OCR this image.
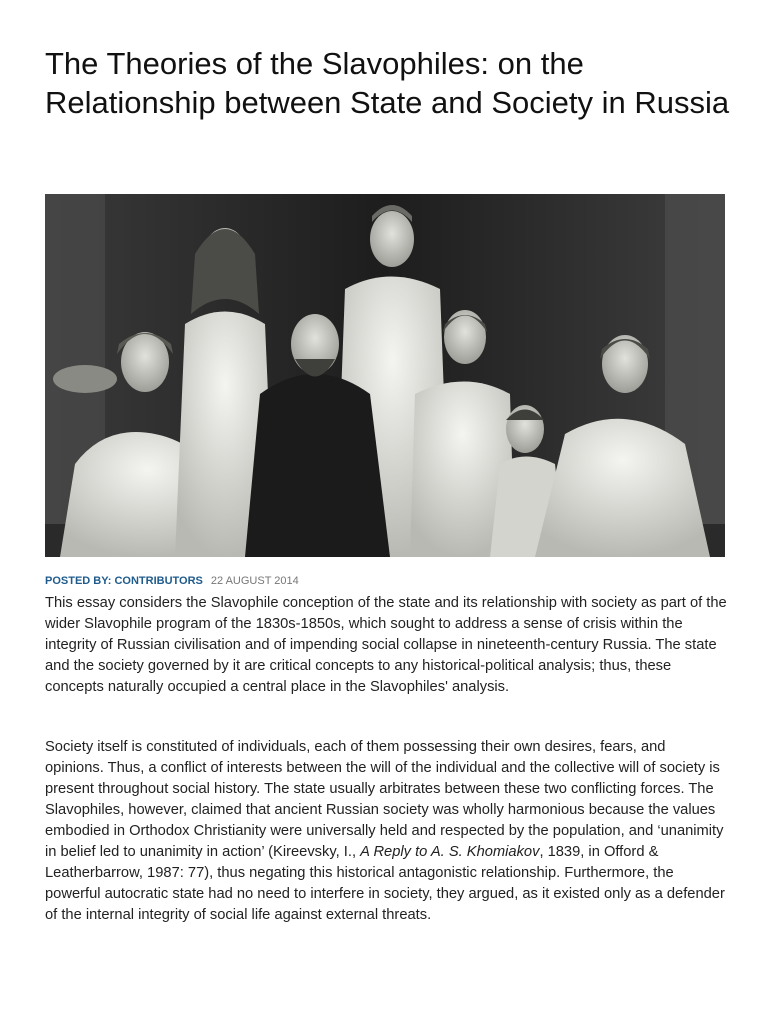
The Theories of the Slavophiles: on the Relationship between State and Society in Russia
POSTED BY: CONTRIBUTORS 22 AUGUST 2014

This essay considers the Slavophile conception of the state and its relationship with society as part of the wider Slavophile program of the 1830s-1850s, which sought to address a sense of crisis within the integrity of Russian civilisation and of impending social collapse in nineteenth-century Russia. The state and the society governed by it are critical concepts to any historical-political analysis; thus, these concepts naturally occupied a central place in the Slavophiles' analysis.

Society itself is constituted of individuals, each of them possessing their own desires, fears, and opinions. Thus, a conflict of interests between the will of the individual and the collective will of society is present throughout social history. The state usually arbitrates between these two conflicting forces. The Slavophiles, however, claimed that ancient Russian society was wholly harmonious because the values embodied in Orthodox Christianity were universally held and respected by the population, and ‘unanimity in belief led to unanimity in action’ (Kireevsky, I., A Reply to A. S. Khomiakov, 1839, in Offord & Leatherbarrow, 1987: 77), thus negating this historical antagonistic relationship. Furthermore, the powerful autocratic state had no need to interfere in society, they argued, as it existed only as a defender of the internal integrity of social life against external threats.
